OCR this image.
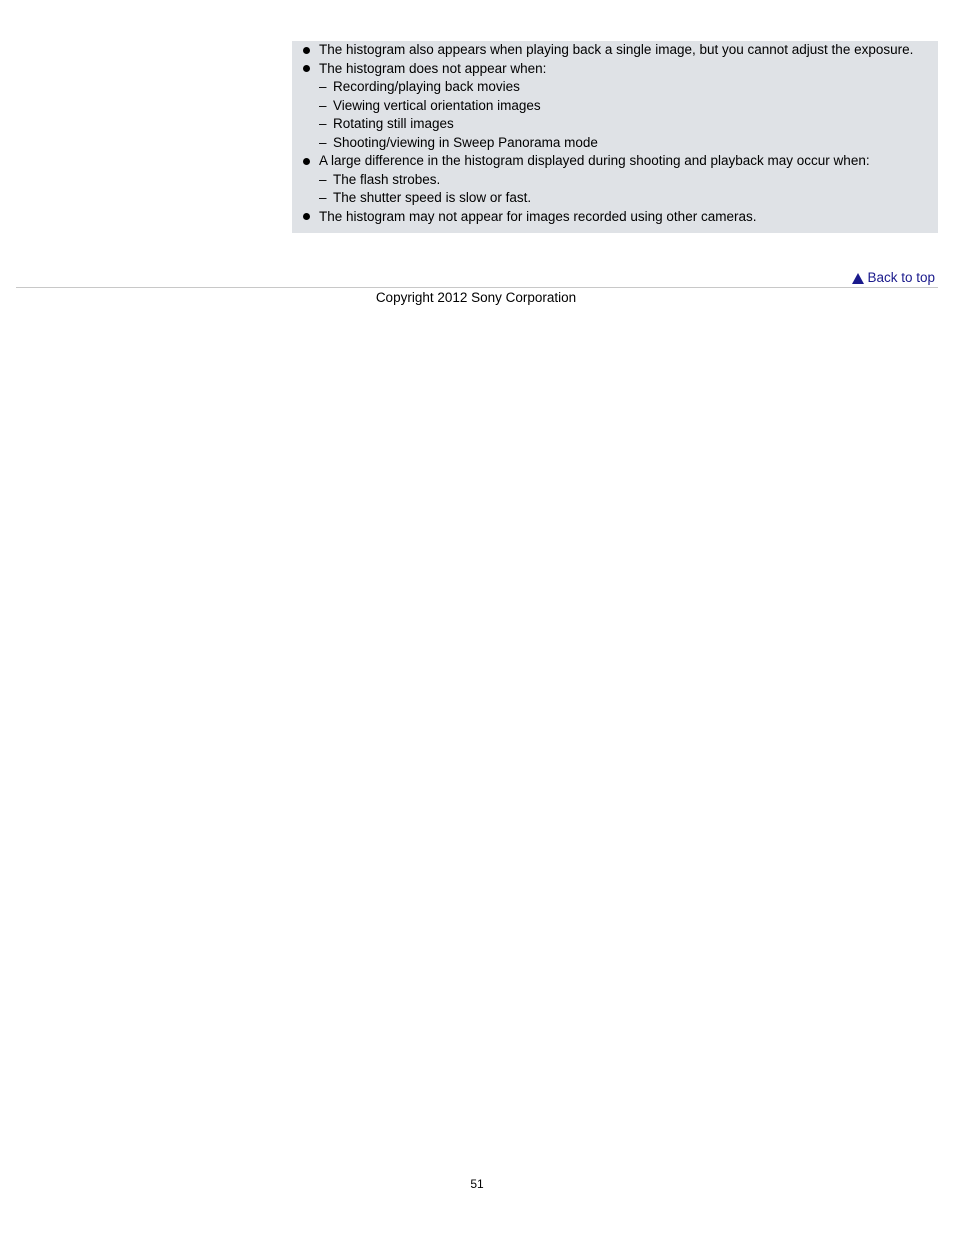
The histogram also appears when playing back a single image, but you cannot adjust the exposure.
The histogram does not appear when:
– Recording/playing back movies
– Viewing vertical orientation images
– Rotating still images
– Shooting/viewing in Sweep Panorama mode
A large difference in the histogram displayed during shooting and playback may occur when:
– The flash strobes.
– The shutter speed is slow or fast.
The histogram may not appear for images recorded using other cameras.
Back to top
Copyright 2012 Sony Corporation
51
